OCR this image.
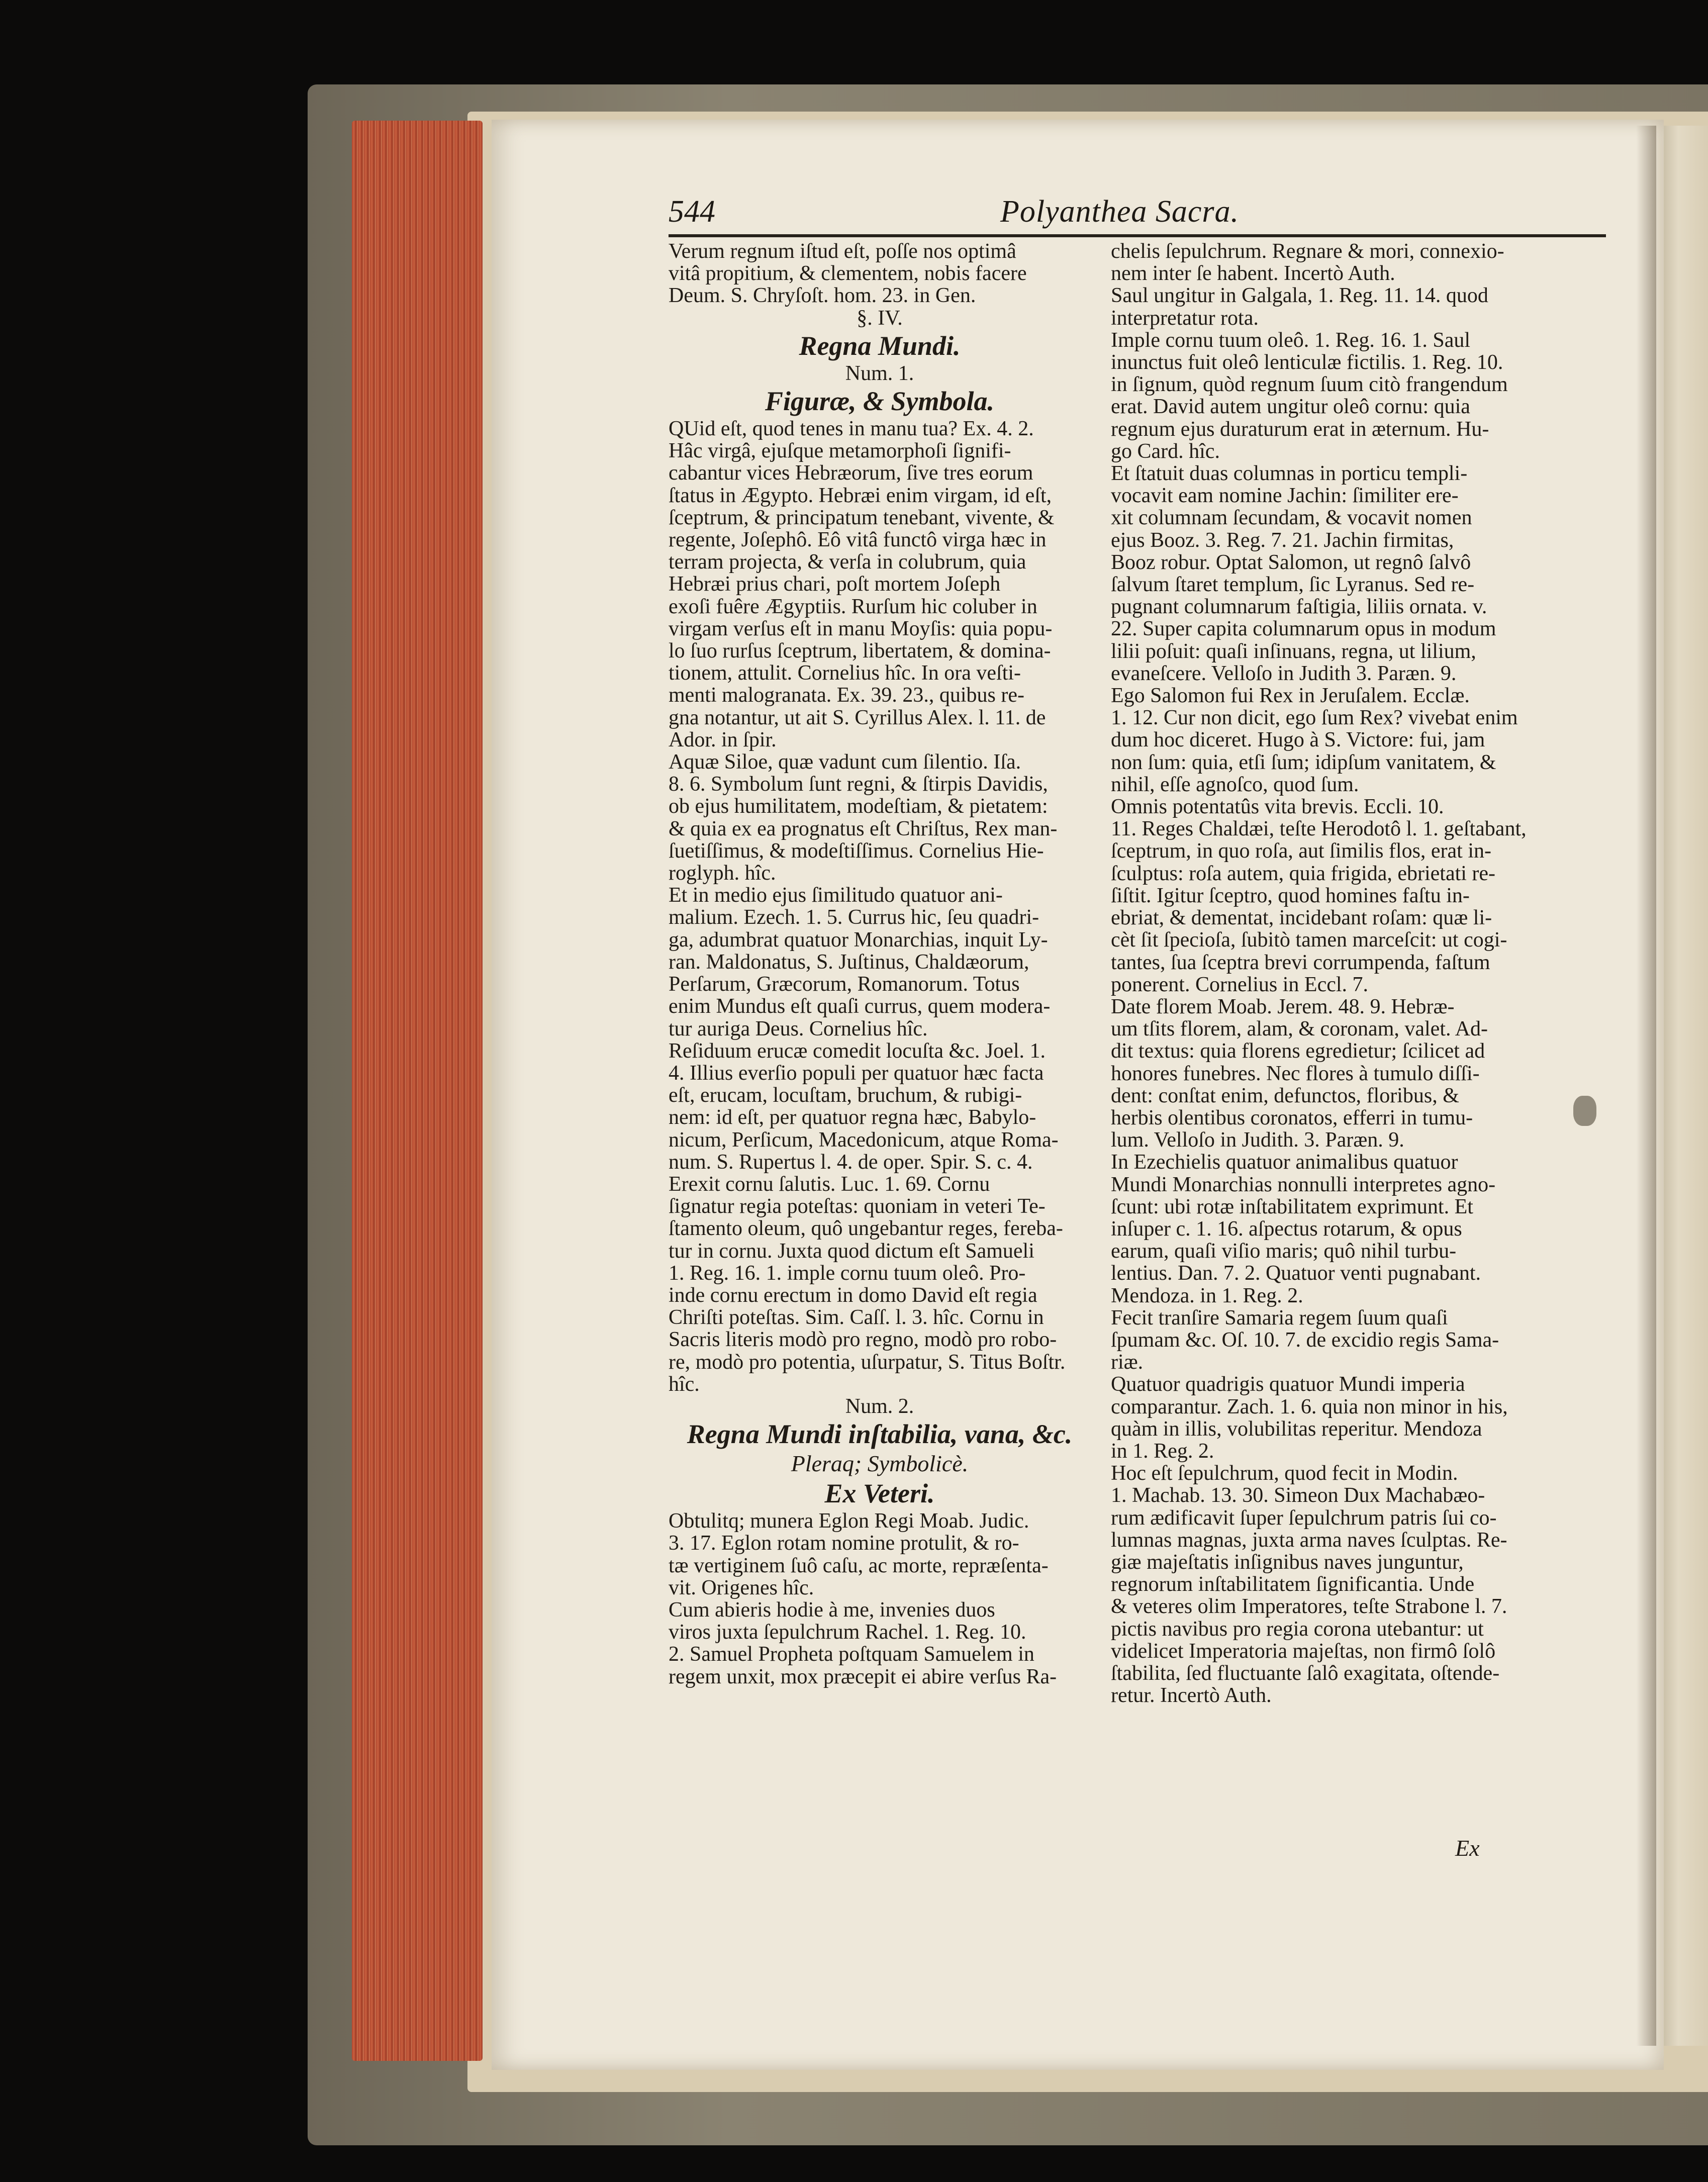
544	Polyanthea Sacra.
Verum regnum iſtud eſt, poſſe nos optimâ
vitâ propitium, & clementem, nobis facere
Deum. S. Chryſoſt. hom. 23. in Gen.
§. IV.
Regna Mundi.
Num. 1.
Figuræ, & Symbola.
QUid eſt, quod tenes in manu tua? Ex. 4. 2.
Hâc virgâ, ejuſque metamorphoſi ſignifi-
cabantur vices Hebræorum, ſive tres eorum
ſtatus in Ægypto. Hebræi enim virgam, id eſt,
ſceptrum, & principatum tenebant, vivente, &
regente, Joſephô. Eô vitâ functô virga hæc in
terram projecta, & verſa in colubrum, quia
Hebræi prius chari, poſt mortem Joſeph
exoſi fuêre Ægyptiis. Rurſum hic coluber in
virgam verſus eſt in manu Moyſis: quia popu-
lo ſuo rurſus ſceptrum, libertatem, & domina-
tionem, attulit. Cornelius hîc. In ora veſti-
menti malogranata. Ex. 39. 23., quibus re-
gna notantur, ut ait S. Cyrillus Alex. l. 11. de
Ador. in ſpir.
Aquæ Siloe, quæ vadunt cum ſilentio. Iſa.
8. 6. Symbolum ſunt regni, & ſtirpis Davidis,
ob ejus humilitatem, modeſtiam, & pietatem:
& quia ex ea prognatus eſt Chriſtus, Rex man-
ſuetiſſimus, & modeſtiſſimus. Cornelius Hie-
roglyph. hîc.
Et in medio ejus ſimilitudo quatuor ani-
malium. Ezech. 1. 5. Currus hic, ſeu quadri-
ga, adumbrat quatuor Monarchias, inquit Ly-
ran. Maldonatus, S. Juſtinus, Chaldæorum,
Perſarum, Græcorum, Romanorum. Totus
enim Mundus eſt quaſi currus, quem modera-
tur auriga Deus. Cornelius hîc.
Reſiduum erucæ comedit locuſta &c. Joel. 1.
4. Illius everſio populi per quatuor hæc facta
eſt, erucam, locuſtam, bruchum, & rubigi-
nem: id eſt, per quatuor regna hæc, Babylo-
nicum, Perſicum, Macedonicum, atque Roma-
num. S. Rupertus l. 4. de oper. Spir. S. c. 4.
Erexit cornu ſalutis. Luc. 1. 69. Cornu
ſignatur regia poteſtas: quoniam in veteri Te-
ſtamento oleum, quô ungebantur reges, fereba-
tur in cornu. Juxta quod dictum eſt Samueli
1. Reg. 16. 1. imple cornu tuum oleô. Pro-
inde cornu erectum in domo David eſt regia
Chriſti poteſtas. Sim. Caſſ. l. 3. hîc. Cornu in
Sacris literis modò pro regno, modò pro robo-
re, modò pro potentia, uſurpatur, S. Titus Boſtr.
hîc.
Num. 2.
Regna Mundi inſtabilia, vana, &c.
Pleraq; Symbolicè.
Ex Veteri.
Obtulitq; munera Eglon Regi Moab. Judic.
3. 17. Eglon rotam nomine protulit, & ro-
tæ vertiginem ſuô caſu, ac morte, repræſenta-
vit. Origenes hîc.
Cum abieris hodie à me, invenies duos
viros juxta ſepulchrum Rachel. 1. Reg. 10.
2. Samuel Propheta poſtquam Samuelem in
regem unxit, mox præcepit ei abire verſus Ra-
chelis ſepulchrum. Regnare & mori, connexio-
nem inter ſe habent. Incertò Auth.
Saul ungitur in Galgala, 1. Reg. 11. 14. quod
interpretatur rota.
Imple cornu tuum oleô. 1. Reg. 16. 1. Saul
inunctus fuit oleô lenticulæ fictilis. 1. Reg. 10.
in ſignum, quòd regnum ſuum citò frangendum
erat. David autem ungitur oleô cornu: quia
regnum ejus duraturum erat in æternum. Hu-
go Card. hîc.
Et ſtatuit duas columnas in porticu templi-
vocavit eam nomine Jachin: ſimiliter ere-
xit columnam ſecundam, & vocavit nomen
ejus Booz. 3. Reg. 7. 21. Jachin firmitas,
Booz robur. Optat Salomon, ut regnô ſalvô
ſalvum ſtaret templum, ſic Lyranus. Sed re-
pugnant columnarum faſtigia, liliis ornata. v.
22. Super capita columnarum opus in modum
lilii poſuit: quaſi inſinuans, regna, ut lilium,
evaneſcere. Velloſo in Judith 3. Paræn. 9.
Ego Salomon fui Rex in Jeruſalem. Ecclæ.
1. 12. Cur non dicit, ego ſum Rex? vivebat enim
dum hoc diceret. Hugo à S. Victore: fui, jam
non ſum: quia, etſi ſum; idipſum vanitatem, &
nihil, eſſe agnoſco, quod ſum.
Omnis potentatûs vita brevis. Eccli. 10.
11. Reges Chaldæi, teſte Herodotô l. 1. geſtabant,
ſceptrum, in quo roſa, aut ſimilis flos, erat in-
ſculptus: roſa autem, quia frigida, ebrietati re-
ſiſtit. Igitur ſceptro, quod homines faſtu in-
ebriat, & dementat, incidebant roſam: quæ li-
cèt ſit ſpecioſa, ſubitò tamen marceſcit: ut cogi-
tantes, ſua ſceptra brevi corrumpenda, faſtum
ponerent. Cornelius in Eccl. 7.
Date florem Moab. Jerem. 48. 9. Hebræ-
um tſits florem, alam, & coronam, valet. Ad-
dit textus: quia florens egredietur; ſcilicet ad
honores funebres. Nec flores à tumulo diſſi-
dent: conſtat enim, defunctos, floribus, &
herbis olentibus coronatos, efferri in tumu-
lum. Velloſo in Judith. 3. Paræn. 9.
In Ezechielis quatuor animalibus quatuor
Mundi Monarchias nonnulli interpretes agno-
ſcunt: ubi rotæ inſtabilitatem exprimunt. Et
inſuper c. 1. 16. aſpectus rotarum, & opus
earum, quaſi viſio maris; quô nihil turbu-
lentius. Dan. 7. 2. Quatuor venti pugnabant.
Mendoza. in 1. Reg. 2.
Fecit tranſire Samaria regem ſuum quaſi
ſpumam &c. Oſ. 10. 7. de excidio regis Sama-
riæ.
Quatuor quadrigis quatuor Mundi imperia
comparantur. Zach. 1. 6. quia non minor in his,
quàm in illis, volubilitas reperitur. Mendoza
in 1. Reg. 2.
Hoc eſt ſepulchrum, quod fecit in Modin.
1. Machab. 13. 30. Simeon Dux Machabæo-
rum ædificavit ſuper ſepulchrum patris ſui co-
lumnas magnas, juxta arma naves ſculptas. Re-
giæ majeſtatis inſignibus naves junguntur,
regnorum inſtabilitatem ſignificantia. Unde
& veteres olim Imperatores, teſte Strabone l. 7.
pictis navibus pro regia corona utebantur: ut
videlicet Imperatoria majeſtas, non firmô ſolô
ſtabilita, ſed fluctuante ſalô exagitata, oſtende-
retur. Incertò Auth.
Ex
